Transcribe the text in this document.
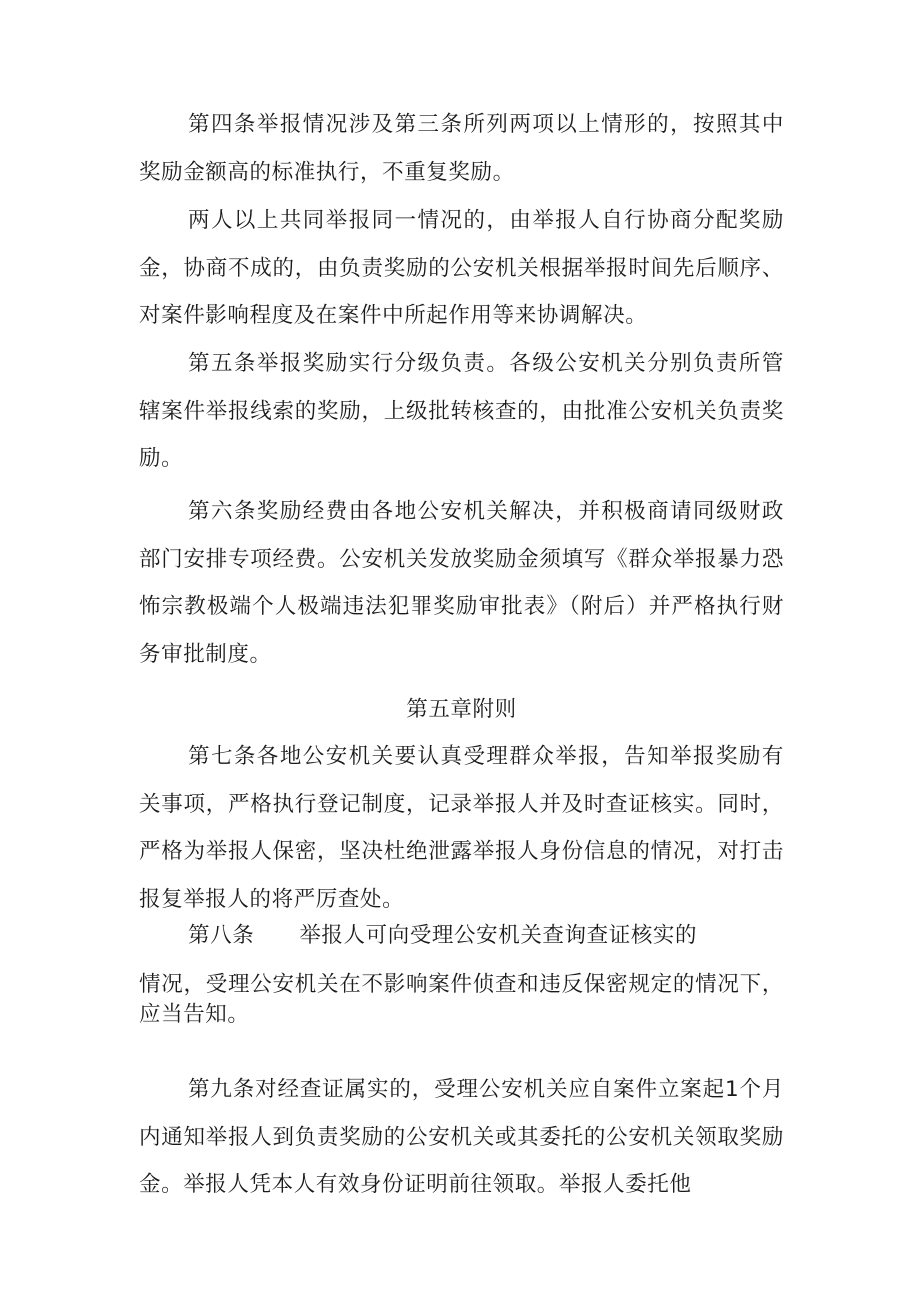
第四条举报情况涉及第三条所列两项以上情形的，按照其中奖励金额高的标准执行，不重复奖励。

两人以上共同举报同一情况的，由举报人自行协商分配奖励金，协商不成的，由负责奖励的公安机关根据举报时间先后顺序、对案件影响程度及在案件中所起作用等来协调解决。

第五条举报奖励实行分级负责。各级公安机关分别负责所管辖案件举报线索的奖励，上级批转核查的，由批准公安机关负责奖励。

第六条奖励经费由各地公安机关解决，并积极商请同级财政部门安排专项经费。公安机关发放奖励金须填写《群众举报暴力恐怖宗教极端个人极端违法犯罪奖励审批表》（附后）并严格执行财务审批制度。

第五章附则

第七条各地公安机关要认真受理群众举报，告知举报奖励有关事项，严格执行登记制度，记录举报人并及时查证核实。同时，严格为举报人保密，坚决杜绝泄露举报人身份信息的情况，对打击报复举报人的将严厉查处。

第八条 举报人可向受理公安机关查询查证核实的

情况，受理公安机关在不影响案件侦查和违反保密规定的情况下，应当告知。

第九条对经查证属实的，受理公安机关应自案件立案起1个月内通知举报人到负责奖励的公安机关或其委托的公安机关领取奖励金。举报人凭本人有效身份证明前往领取。举报人委托他
